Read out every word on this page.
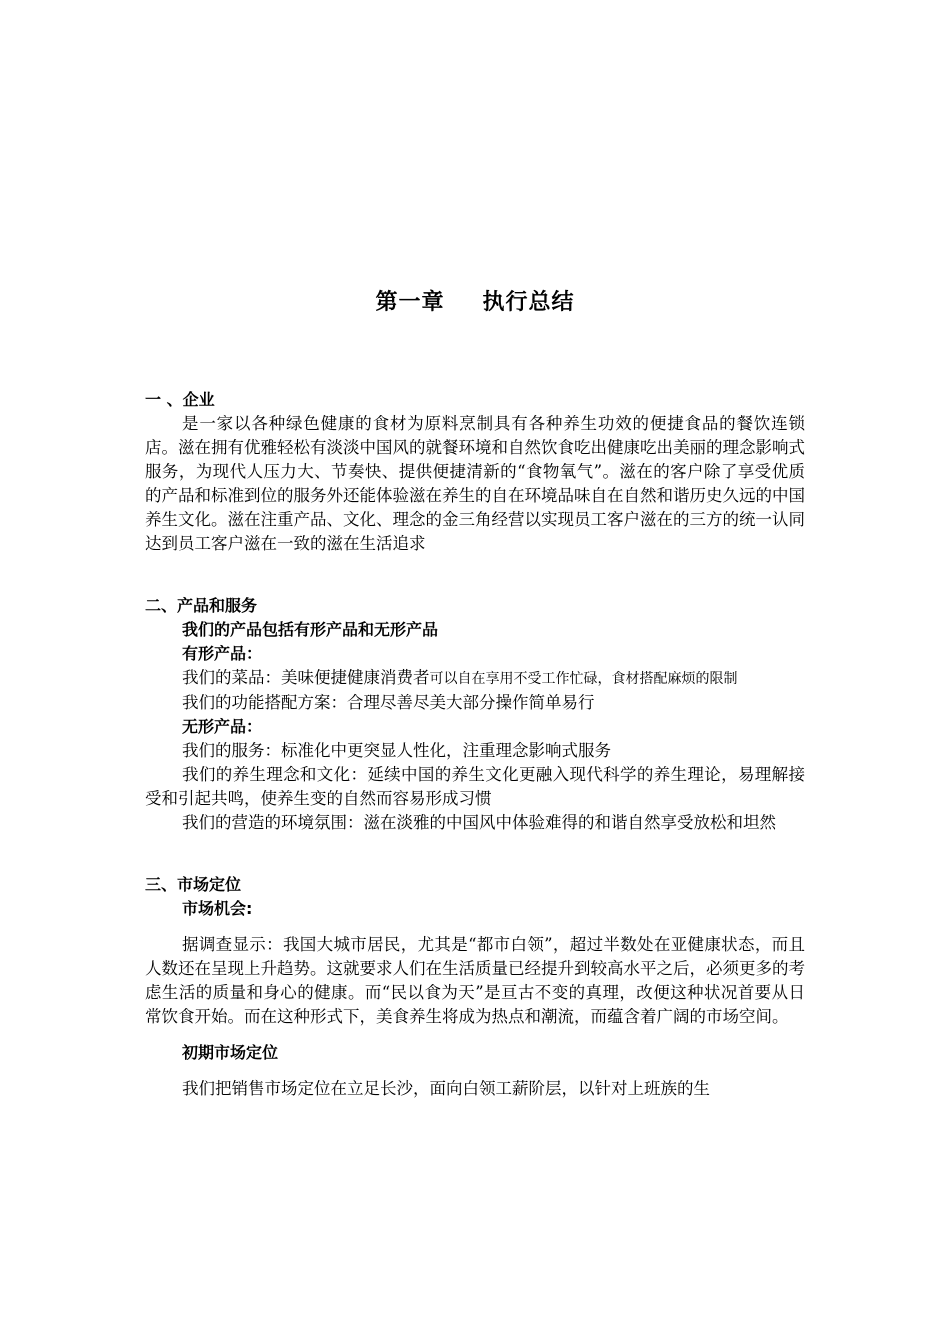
第一章 执行总结
一 、企业
是一家以各种绿色健康的食材为原料烹制具有各种养生功效的便捷食品的餐饮连锁店。滋在拥有优雅轻松有淡淡中国风的就餐环境和自然饮食吃出健康吃出美丽的理念影响式服务，为现代人压力大、节奏快、提供便捷清新的“食物氧气”。滋在的客户除了享受优质的产品和标准到位的服务外还能体验滋在养生的自在环境品味自在自然和谐历史久远的中国养生文化。滋在注重产品、文化、理念的金三角经营以实现员工客户滋在的三方的统一认同达到员工客户滋在一致的滋在生活追求
二、产品和服务
我们的产品包括有形产品和无形产品
有形产品：
我们的菜品：美味便捷健康消费者可以自在享用不受工作忙碌，食材搭配麻烦的限制
我们的功能搭配方案：合理尽善尽美大部分操作简单易行
无形产品：
我们的服务：标准化中更突显人性化，注重理念影响式服务
我们的养生理念和文化：延续中国的养生文化更融入现代科学的养生理论，易理解接受和引起共鸣，使养生变的自然而容易形成习惯
我们的营造的环境氛围：滋在淡雅的中国风中体验难得的和谐自然享受放松和坦然
三、市场定位
市场机会:
据调查显示：我国大城市居民，尤其是“都市白领”，超过半数处在亚健康状态，而且人数还在呈现上升趋势。这就要求人们在生活质量已经提升到较高水平之后，必须更多的考虑生活的质量和身心的健康。而“民以食为天”是亘古不变的真理，改便这种状况首要从日常饮食开始。而在这种形式下，美食养生将成为热点和潮流，而蕴含着广阔的市场空间。
初期市场定位
我们把销售市场定位在立足长沙，面向白领工薪阶层，以针对上班族的生
